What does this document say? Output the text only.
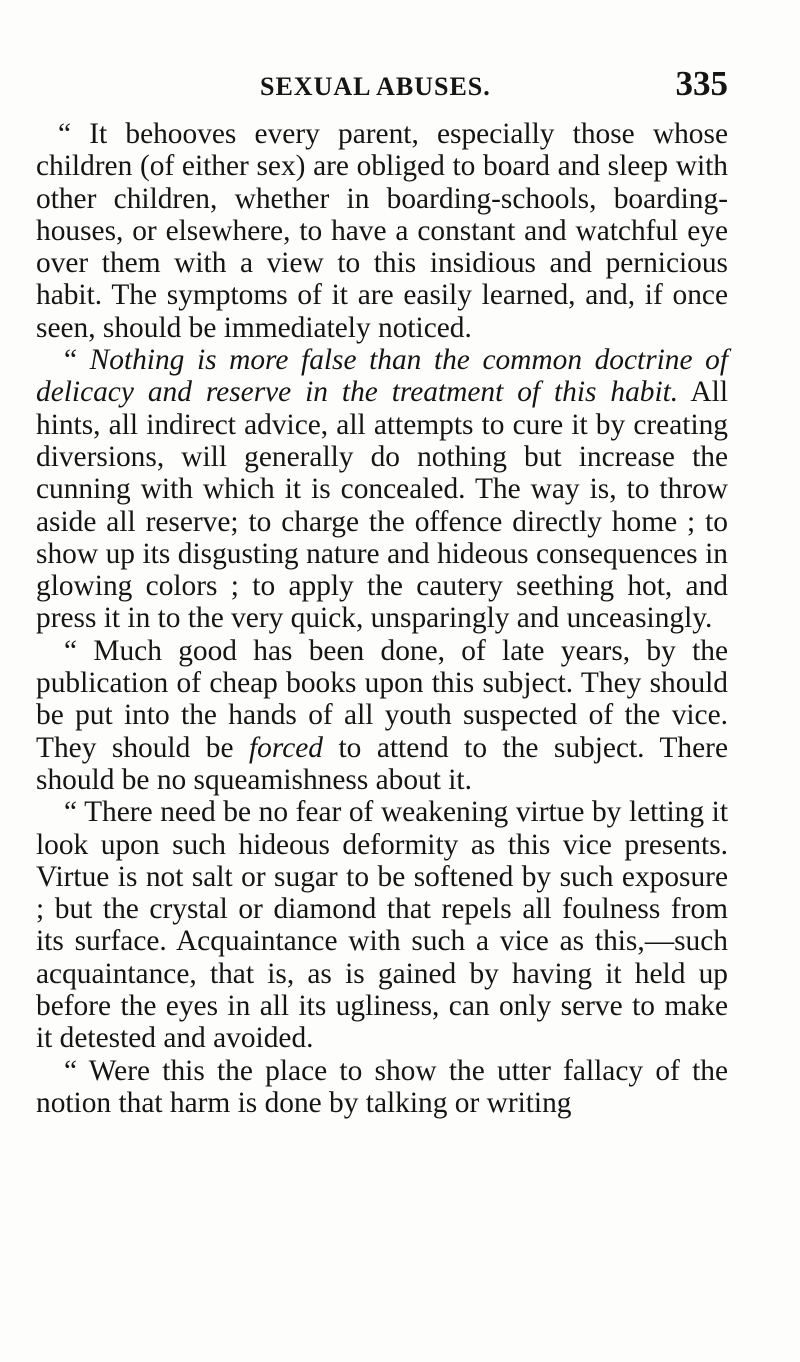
SEXUAL ABUSES.	335

“ It behooves every parent, especially those whose children (of either sex) are obliged to board and sleep with other children, whether in boarding-schools, boarding-houses, or elsewhere, to have a constant and watchful eye over them with a view to this insidious and pernicious habit. The symptoms of it are easily learned, and, if once seen, should be immediately noticed.

“ Nothing is more false than the common doctrine of delicacy and reserve in the treatment of this habit. All hints, all indirect advice, all attempts to cure it by creating diversions, will generally do nothing but increase the cunning with which it is concealed. The way is, to throw aside all reserve; to charge the offence directly home ; to show up its disgusting nature and hideous consequences in glowing colors ; to apply the cautery seething hot, and press it in to the very quick, unsparingly and unceasingly.

“ Much good has been done, of late years, by the publication of cheap books upon this subject. They should be put into the hands of all youth suspected of the vice. They should be forced to attend to the subject. There should be no squeamishness about it.

“ There need be no fear of weakening virtue by letting it look upon such hideous deformity as this vice presents. Virtue is not salt or sugar to be softened by such exposure ; but the crystal or diamond that repels all foulness from its surface. Acquaintance with such a vice as this,—such acquaintance, that is, as is gained by having it held up before the eyes in all its ugliness, can only serve to make it detested and avoided.

“ Were this the place to show the utter fallacy of the notion that harm is done by talking or writing
